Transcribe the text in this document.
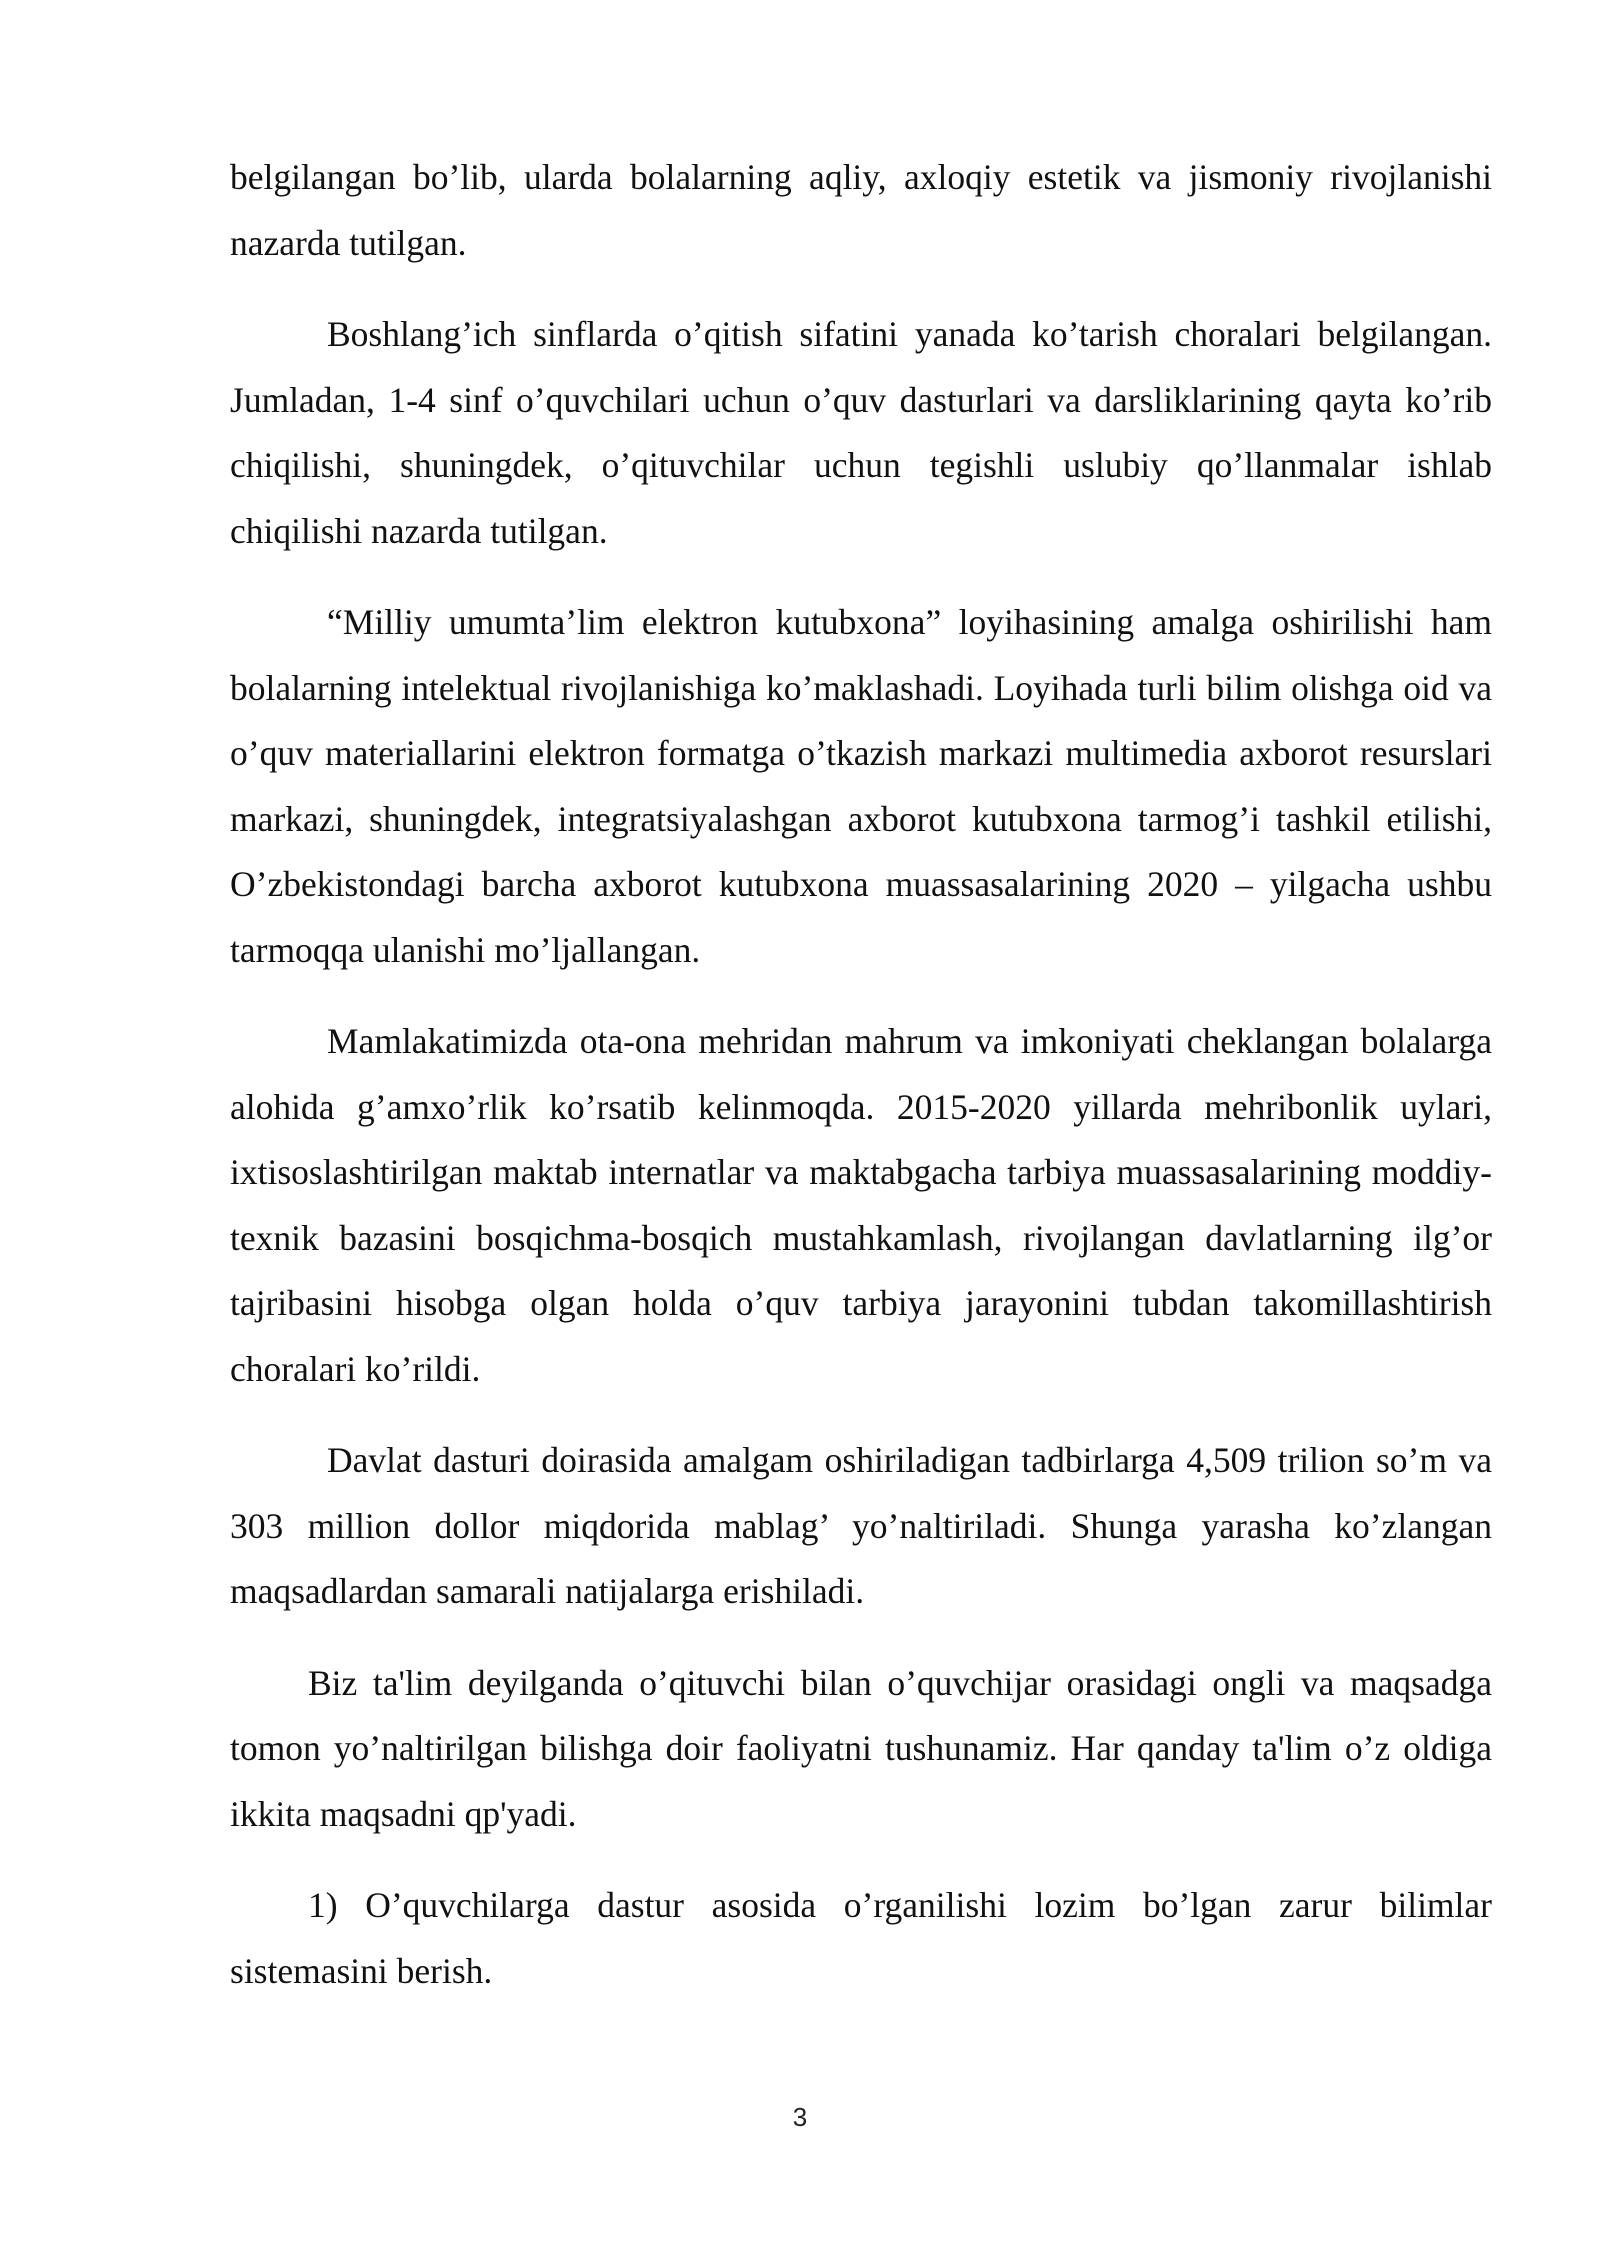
belgilangan bo’lib, ularda bolalarning aqliy, axloqiy estetik va jismoniy rivojlanishi nazarda tutilgan.

Boshlang’ich sinflarda o’qitish sifatini yanada ko’tarish choralari belgilangan. Jumladan, 1-4 sinf o’quvchilari uchun o’quv dasturlari va darsliklarining qayta ko’rib chiqilishi, shuningdek, o’qituvchilar uchun tegishli uslubiy qo’llanmalar ishlab chiqilishi nazarda tutilgan.

“Milliy umumta’lim elektron kutubxona” loyihasining amalga oshirilishi ham bolalarning intelektual rivojlanishiga ko’maklashadi. Loyihada turli bilim olishga oid va o’quv materiallarini elektron formatga o’tkazish markazi multimedia axborot resurslari markazi, shuningdek, integratsiyalashgan axborot kutubxona tarmog’i tashkil etilishi, O’zbekistondagi barcha axborot kutubxona muassasalarining 2020 – yilgacha ushbu tarmoqqa ulanishi mo’ljallangan.

Mamlakatimizda ota-ona mehridan mahrum va imkoniyati cheklangan bolalarga alohida g’amxo’rlik ko’rsatib kelinmoqda. 2015-2020 yillarda mehribonlik uylari, ixtisoslashtirilgan maktab internatlar va maktabgacha tarbiya muassasalarining moddiy-texnik bazasini bosqichma-bosqich mustahkamlash, rivojlangan davlatlarning ilg’or tajribasini hisobga olgan holda o’quv tarbiya jarayonini tubdan takomillashtirish choralari ko’rildi.

Davlat dasturi doirasida amalgam oshiriladigan tadbirlarga 4,509 trilion so’m va 303 million dollor miqdorida mablag’ yo’naltiriladi. Shunga yarasha ko’zlangan maqsadlardan samarali natijalarga erishiladi.

Biz ta'lim deyilganda o’qituvchi bilan o’quvchijar orasidagi ongli va maqsadga tomon yo’naltirilgan bilishga doir faoliyatni tushunamiz. Har qanday ta'lim o’z oldiga ikkita maqsadni qp'yadi.

1) O’quvchilarga dastur asosida o’rganilishi lozim bo’lgan zarur bilimlar sistemasini berish.

3
